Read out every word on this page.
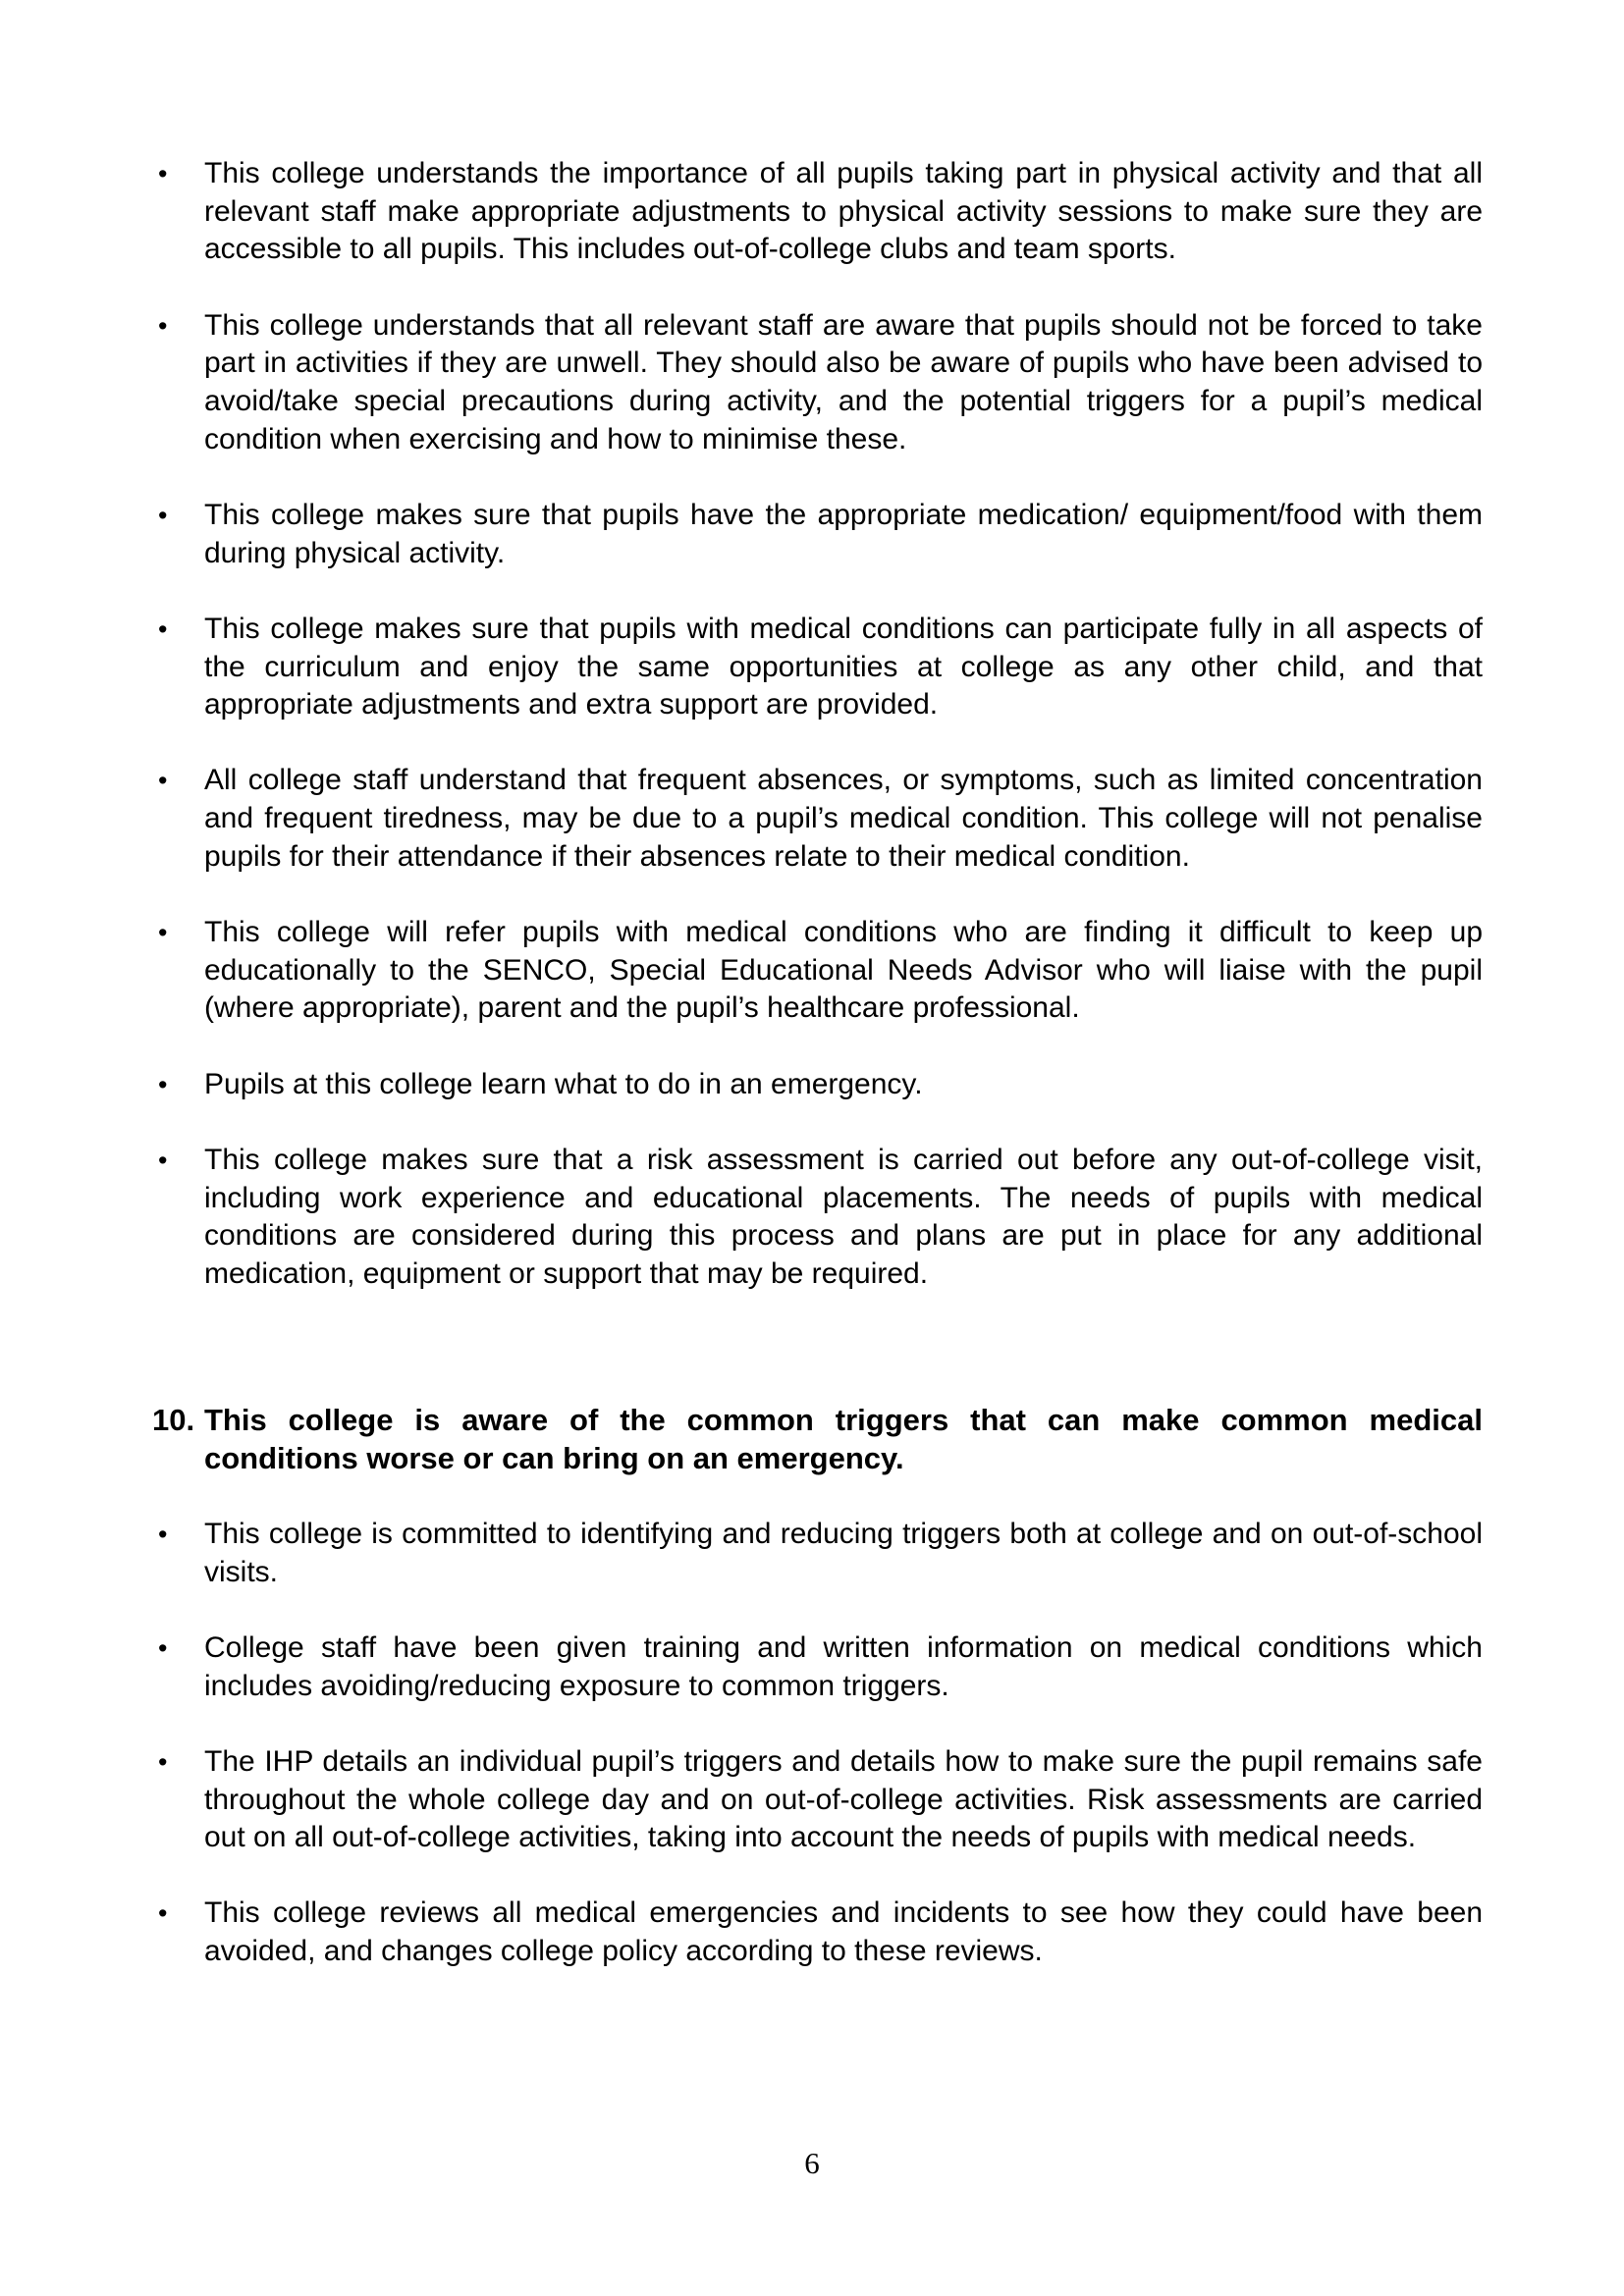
• This college understands the importance of all pupils taking part in physical activity and that all relevant staff make appropriate adjustments to physical activity sessions to make sure they are accessible to all pupils. This includes out-of-college clubs and team sports.
• This college understands that all relevant staff are aware that pupils should not be forced to take part in activities if they are unwell. They should also be aware of pupils who have been advised to avoid/take special precautions during activity, and the potential triggers for a pupil’s medical condition when exercising and how to minimise these.
• This college makes sure that pupils have the appropriate medication/ equipment/food with them during physical activity.
• This college makes sure that pupils with medical conditions can participate fully in all aspects of the curriculum and enjoy the same opportunities at college as any other child, and that appropriate adjustments and extra support are provided.
• All college staff understand that frequent absences, or symptoms, such as limited concentration and frequent tiredness, may be due to a pupil’s medical condition. This college will not penalise pupils for their attendance if their absences relate to their medical condition.
• This college will refer pupils with medical conditions who are finding it difficult to keep up educationally to the SENCO, Special Educational Needs Advisor who will liaise with the pupil (where appropriate), parent and the pupil’s healthcare professional.
• Pupils at this college learn what to do in an emergency.
• This college makes sure that a risk assessment is carried out before any out-of-college visit, including work experience and educational placements. The needs of pupils with medical conditions are considered during this process and plans are put in place for any additional medication, equipment or support that may be required.
10. This college is aware of the common triggers that can make common medical conditions worse or can bring on an emergency.
• This college is committed to identifying and reducing triggers both at college and on out-of-school visits.
• College staff have been given training and written information on medical conditions which includes avoiding/reducing exposure to common triggers.
• The IHP details an individual pupil’s triggers and details how to make sure the pupil remains safe throughout the whole college day and on out-of-college activities. Risk assessments are carried out on all out-of-college activities, taking into account the needs of pupils with medical needs.
• This college reviews all medical emergencies and incidents to see how they could have been avoided, and changes college policy according to these reviews.
6
